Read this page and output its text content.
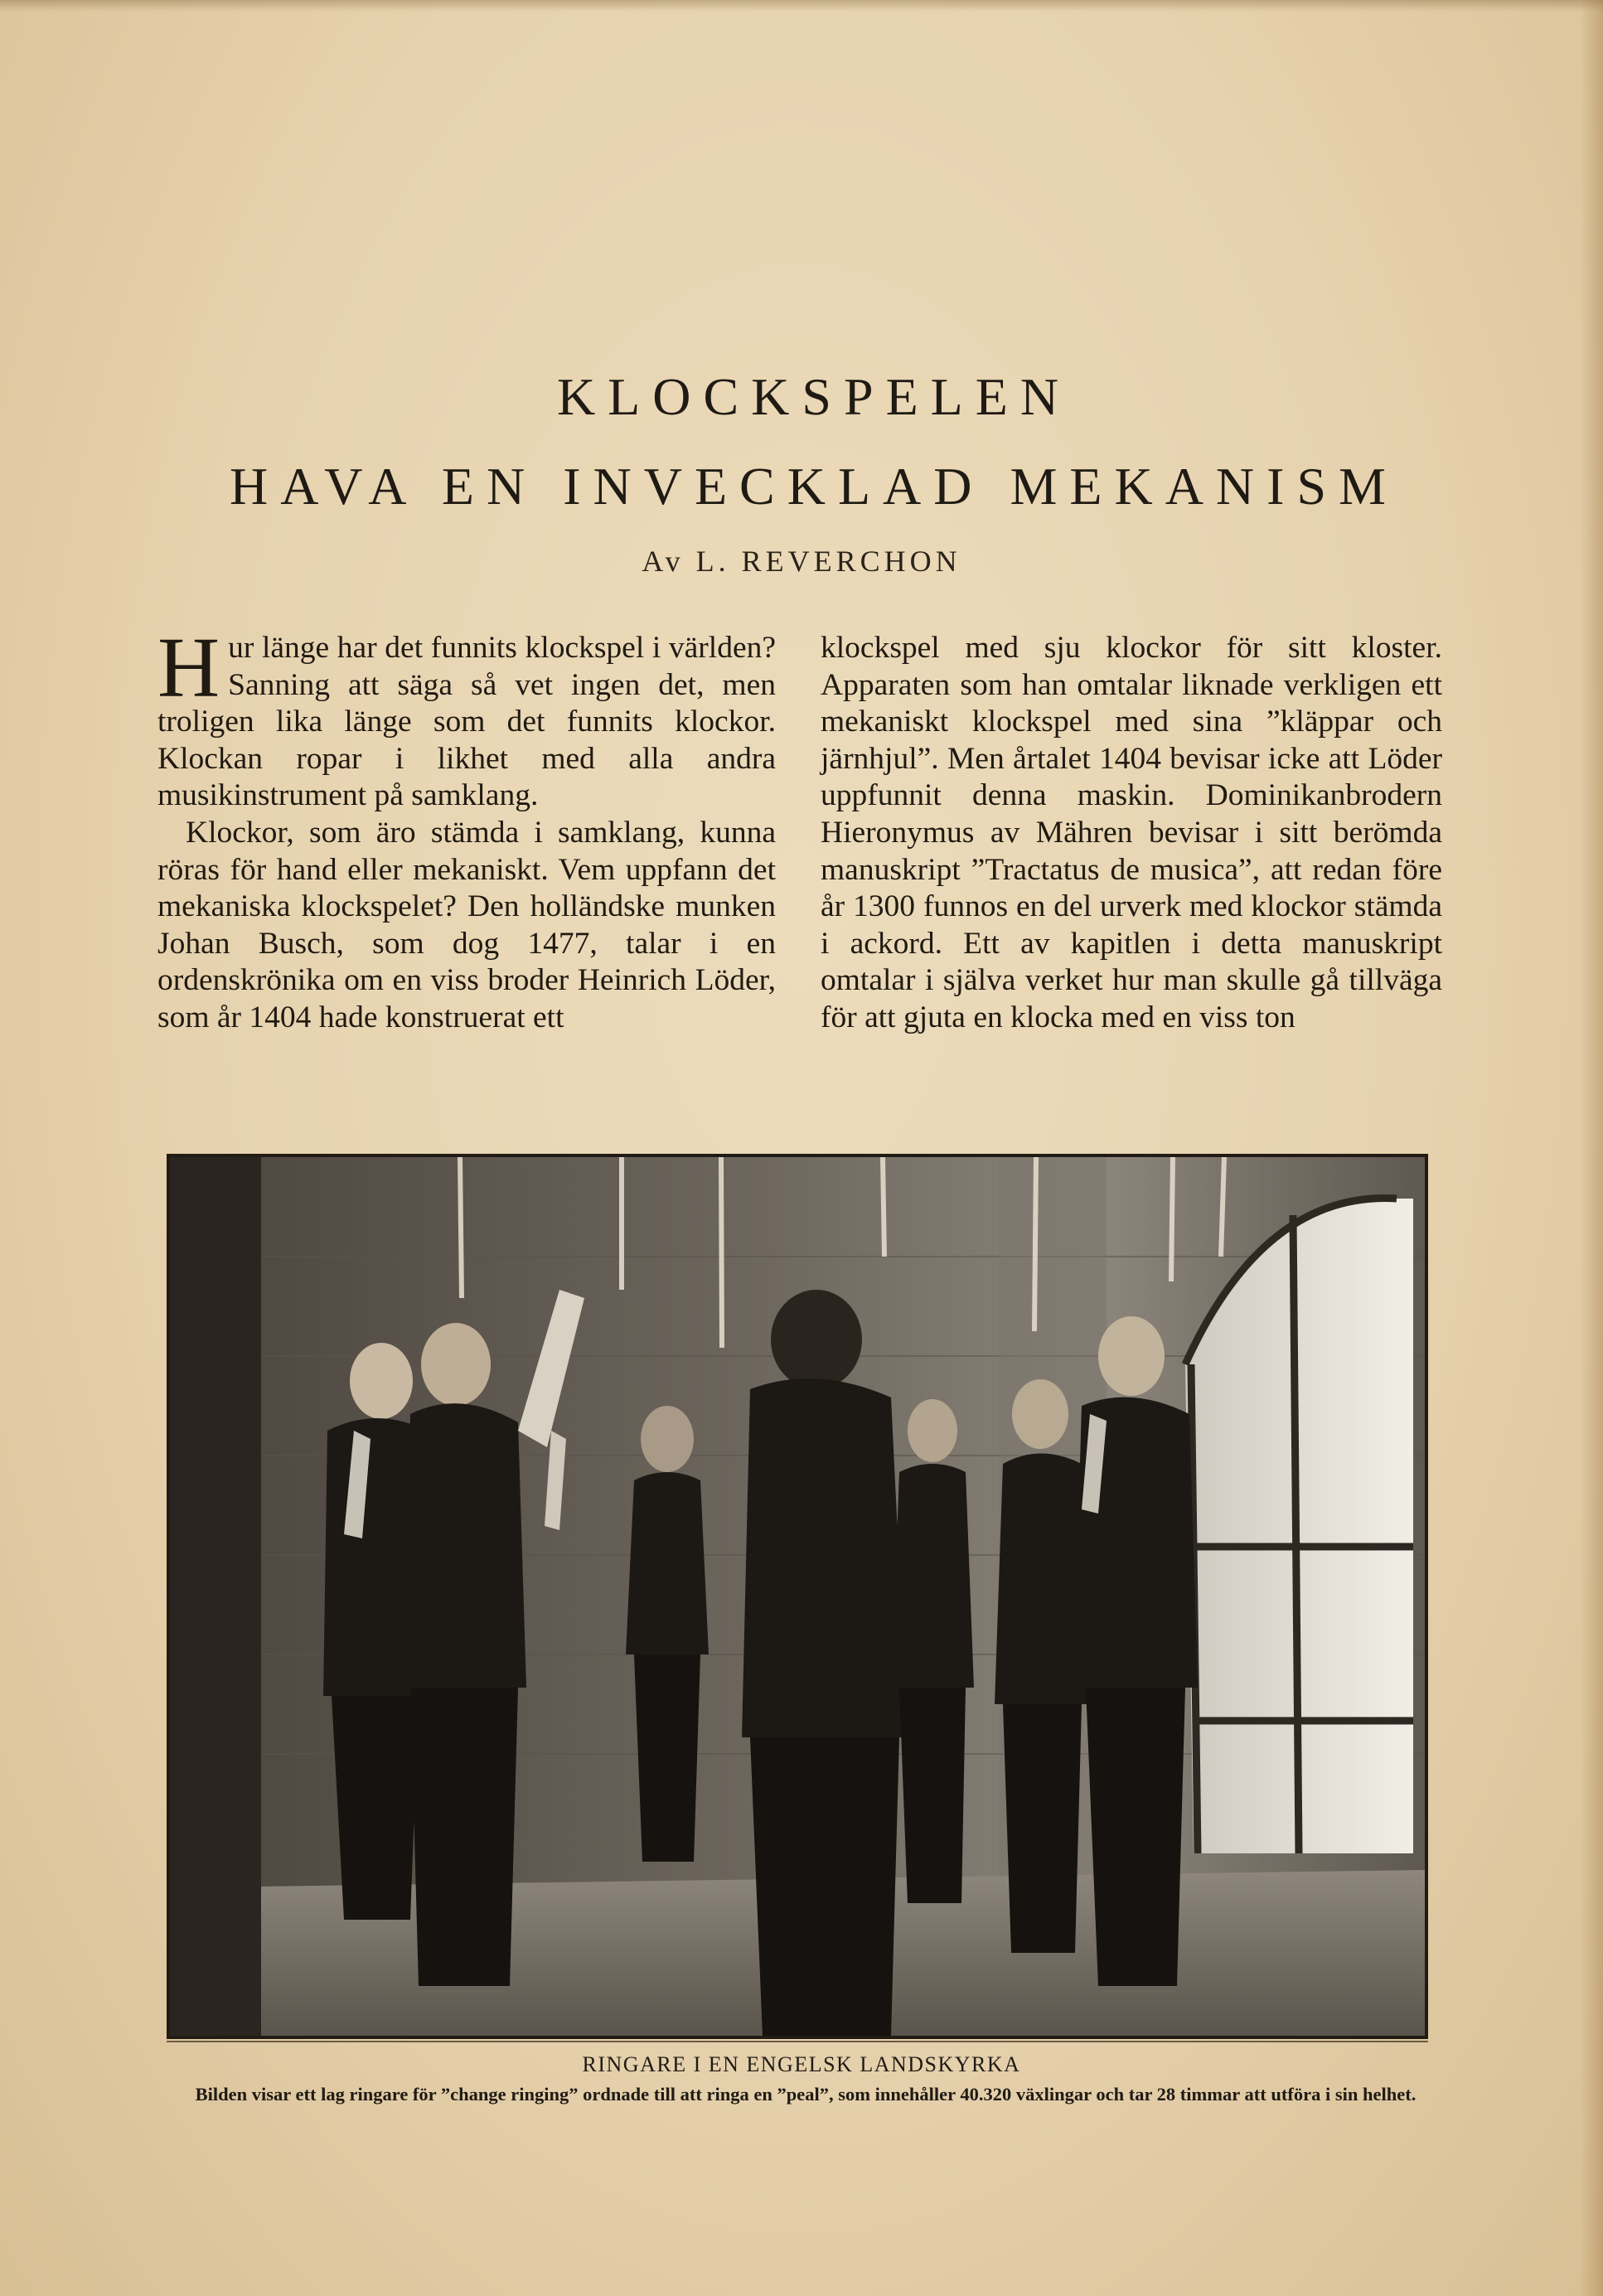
KLOCKSPELEN
HAVA EN INVECKLAD MEKANISM
Av L. REVERCHON

Hur länge har det funnits klockspel i världen? Sanning att säga så vet ingen det, men troligen lika länge som det funnits klockor. Klockan ropar i likhet med alla andra musikinstrument på samklang.

Klockor, som äro stämda i samklang, kunna röras för hand eller mekaniskt. Vem uppfann det mekaniska klockspelet? Den holländske munken Johan Busch, som dog 1477, talar i en ordenskrönika om en viss broder Heinrich Löder, som år 1404 hade konstruerat ett

klockspel med sju klockor för sitt kloster. Apparaten som han omtalar liknade verkligen ett mekaniskt klockspel med sina ”kläppar och järnhjul”. Men årtalet 1404 bevisar icke att Löder uppfunnit denna maskin. Dominikanbrodern Hieronymus av Mähren bevisar i sitt berömda manuskript ”Tractatus de musica”, att redan före år 1300 funnos en del urverk med klockor stämda i ackord. Ett av kapitlen i detta manuskript omtalar i själva verket hur man skulle gå tillväga för att gjuta en klocka med en viss ton

RINGARE I EN ENGELSK LANDSKYRKA
Bilden visar ett lag ringare för ”change ringing” ordnade till att ringa en ”peal”, som innehåller 40.320 växlingar och tar 28 timmar att utföra i sin helhet.
